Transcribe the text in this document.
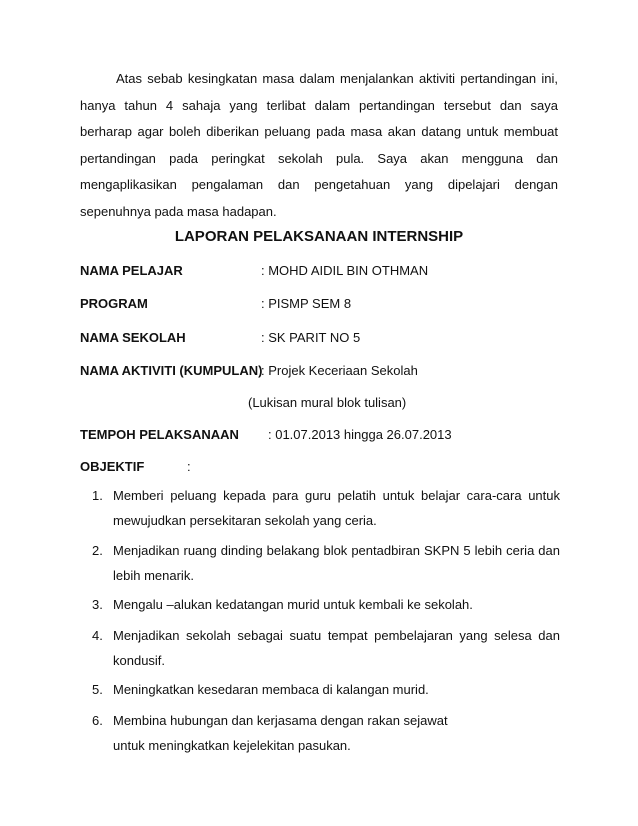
Atas sebab kesingkatan masa dalam menjalankan aktiviti pertandingan ini, hanya tahun 4 sahaja yang terlibat dalam pertandingan tersebut dan saya berharap agar boleh diberikan peluang pada masa akan datang untuk membuat pertandingan pada peringkat sekolah pula. Saya akan mengguna dan mengaplikasikan pengalaman dan pengetahuan yang dipelajari dengan sepenuhnya pada masa hadapan.

LAPORAN PELAKSANAAN INTERNSHIP
NAMA PELAJAR	: MOHD AIDIL BIN OTHMAN
PROGRAM	: PISMP SEM 8
NAMA SEKOLAH	: SK PARIT NO 5
NAMA AKTIVITI (KUMPULAN)
: Projek Keceriaan Sekolah
(Lukisan mural blok tulisan)
TEMPOH PELAKSANAAN : 01.07.2013 hingga 26.07.2013
OBJEKTIF	:
1. Memberi peluang kepada para guru pelatih untuk belajar cara-cara untuk mewujudkan persekitaran sekolah yang ceria.
2. Menjadikan ruang dinding belakang blok pentadbiran SKPN 5 lebih ceria dan lebih menarik.
3. Mengalu –alukan kedatangan murid untuk kembali ke sekolah.
4. Menjadikan sekolah sebagai suatu tempat pembelajaran yang selesa dan kondusif.
5. Meningkatkan kesedaran membaca di kalangan murid.
6. Membina hubungan dan kerjasama dengan rakan sejawat
untuk meningkatkan kejelekitan pasukan.
